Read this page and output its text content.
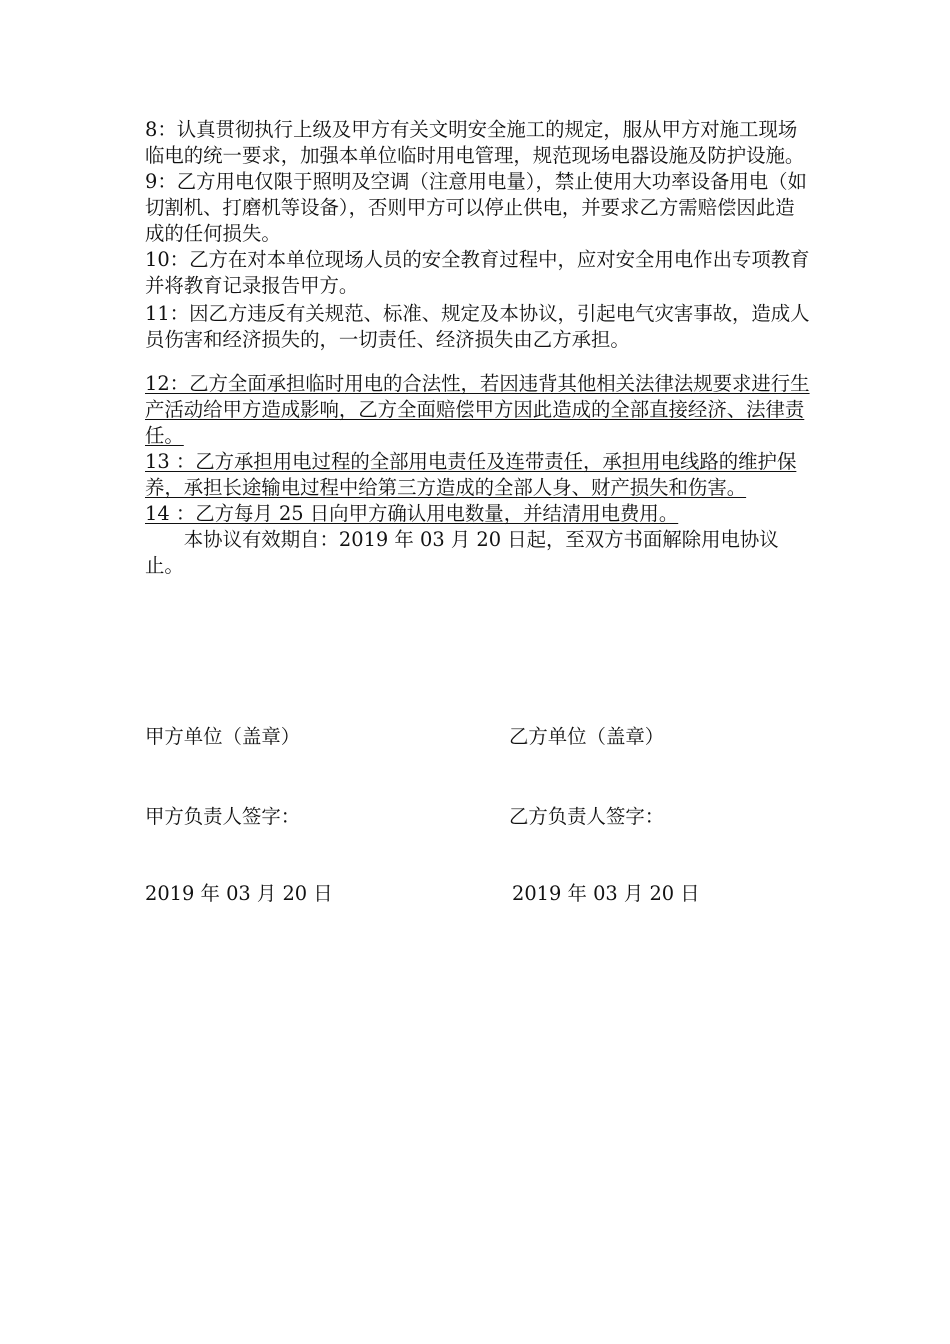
8：认真贯彻执行上级及甲方有关文明安全施工的规定，服从甲方对施工现场临电的统一要求，加强本单位临时用电管理，规范现场电器设施及防护设施。

9：乙方用电仅限于照明及空调（注意用电量），禁止使用大功率设备用电（如切割机、打磨机等设备），否则甲方可以停止供电，并要求乙方需赔偿因此造成的任何损失。

10：乙方在对本单位现场人员的安全教育过程中，应对安全用电作出专项教育并将教育记录报告甲方。

11：因乙方违反有关规范、标准、规定及本协议，引起电气灾害事故，造成人员伤害和经济损失的，一切责任、经济损失由乙方承担。

12：乙方全面承担临时用电的合法性，若因违背其他相关法律法规要求进行生产活动给甲方造成影响，乙方全面赔偿甲方因此造成的全部直接经济、法律责任。

13 ：乙方承担用电过程的全部用电责任及连带责任，承担用电线路的维护保养，承担长途输电过程中给第三方造成的全部人身、财产损失和伤害。

14 ：乙方每月 25 日向甲方确认用电数量，并结清用电费用。

本协议有效期自：2019 年 03 月 20 日起，至双方书面解除用电协议止。

甲方单位（盖章）	乙方单位（盖章）
甲方负责人签字：	乙方负责人签字：
2019 年 03 月 20 日	2019 年 03 月 20 日
